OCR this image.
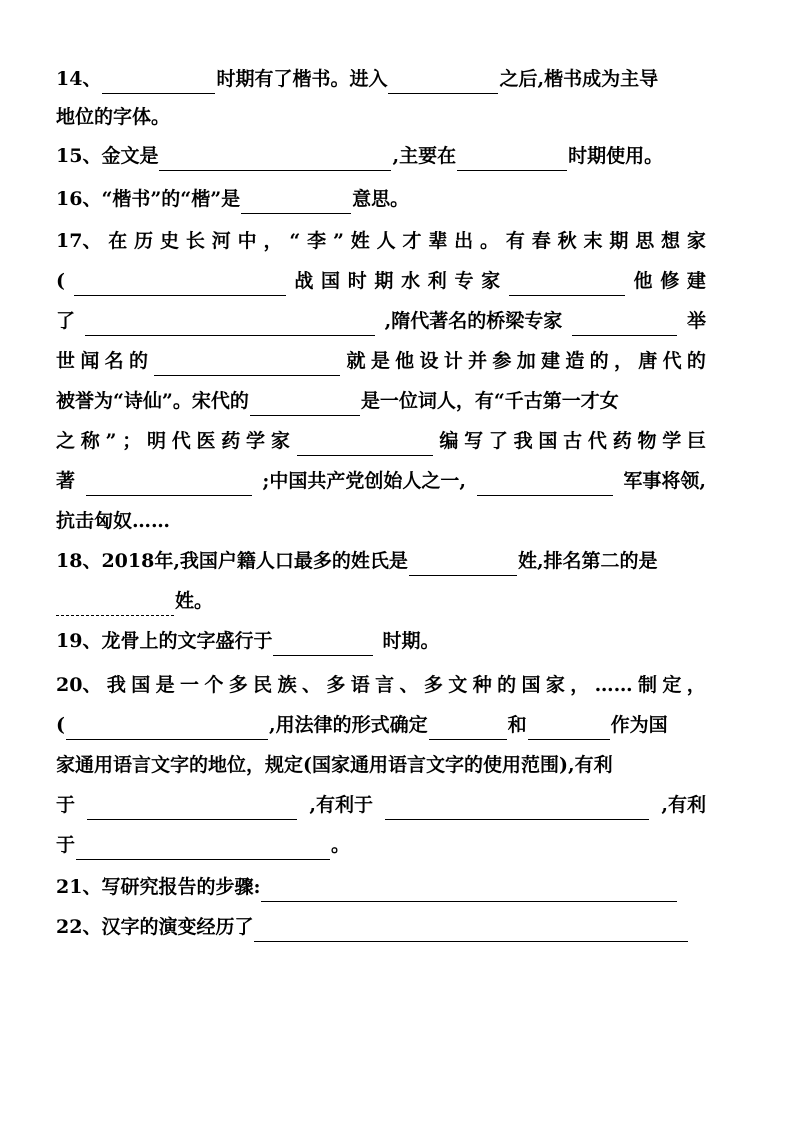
14、	时期有了楷书。进入	之后,楷书成为主导
地位的字体。
15、金文是	,主要在	时期使用。
16、“楷书”的“楷”是	意思。
17、 在 历 史 长 河 中 ， “ 李 ” 姓 人 才 辈 出 。 有 春 秋 末 期 思 想 家
(	战 国 时 期 水 利 专 家	他 修 建
了	,隋代著名的桥梁专家	举
世 闻 名 的	就 是 他 设 计 并 参 加 建 造 的 ， 唐 代 的
被誉为“诗仙”。宋代的	是一位词人，有“千古第一才女
之 称 ” ； 明 代 医 药 学 家	编 写 了 我 国 古 代 药 物 学 巨
著	;中国共产党创始人之一,	军事将领,
抗击匈奴……
18、2018年,我国户籍人口最多的姓氏是	姓,排名第二的是
姓。
19、龙骨上的文字盛行于	时期。
20、 我 国 是 一 个 多 民 族 、 多 语 言 、 多 文 种 的 国 家 ， …… 制 定 ，
(	,用法律的形式确定	和	作为国
家通用语言文字的地位，规定(国家通用语言文字的使用范围),有利
于	,有利于	,有利
于	。
21、写研究报告的步骤:
22、汉字的演变经历了
